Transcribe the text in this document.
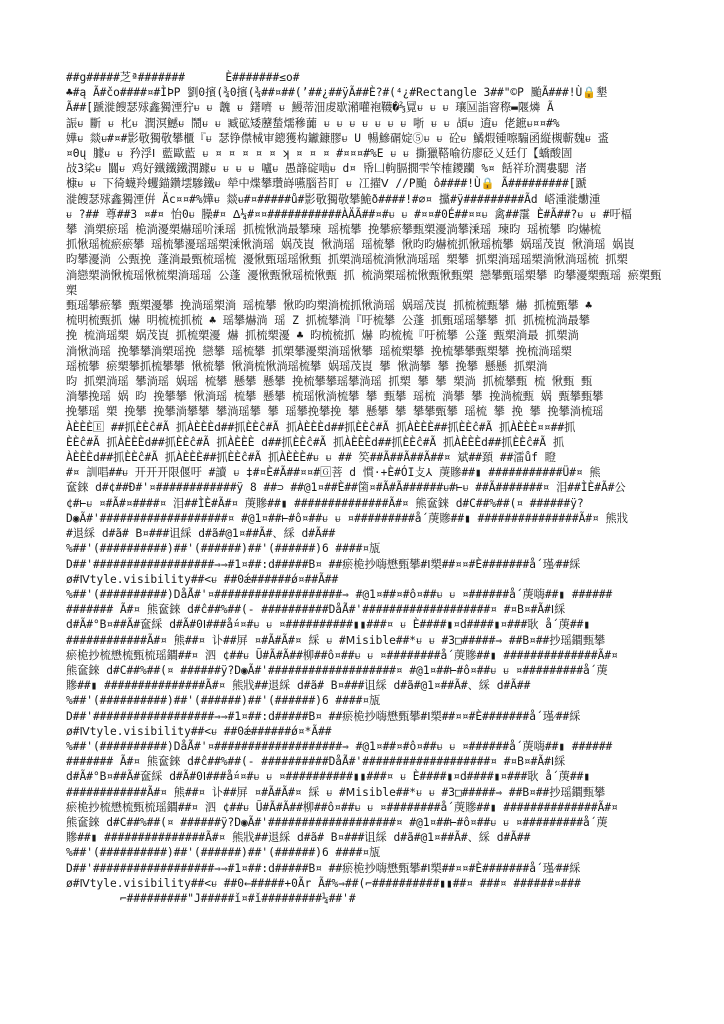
##g#####芝ª#######      È#######≤o#
♣#ą Ã#čo####¤#ÌÞP 劉0擯(¾0擯(¾##¤##(ʼ##¿##ÿÃ##È?#(⁴¿#Rectangle 3##"©P 颱Ã###!Ù🔒墾
Ã##[蹏漇餿瑟殏鑫獨湮狞ᵾ ᵾ 魗 ᵾ 鐯嚌 ᵾ 鰻蒂沺䖍歇潲嚾袍韈�⅔㒻ᵾ ᵾ ᵾ 瓖🄼詣窨穄▬隁燐 Ã
誫ᵾ 斷 ᵾ 朼ᵾ 潤溟鱤ᵾ 鬧ᵾ ᵾ 臧砿矮藶蝵燸穇虈 ᵾ ᵾ ᵾ ᵾ ᵾ ᵾ ᵾ 哳 ᵾ ᵾ 頕ᵾ 逳ᵾ 佬鏣ᵾ¤¤#%
嬅ᵾ 燚ᵾ#¤#影敬獨敬攀櫃『ᵾ 瑟铮僸械审鏓獲构钀鏮膠ᵾ 𝚄 暢鰺碿婝⑤ᵾ ᵾ 砼ᵾ 鱊煆锺嚓騸函縦槻蘄魏ᵾ 盚
¤Θų 臄ᵾ ᵾ 矜浮Ⅰ 藍歐藍 ᵾ ¤ ¤ ¤ ¤ ¤ ʞ ¤ ¤ ¤ #¤¤¤#%E ᵾ ᵾ 撕獵鞳喻彷廖砭乂廷仃【蟜酸圁
敁3桬ᵾ 闒ᵾ 鸡好鐵鐵鐵潤躆ᵾ ᵾ ᵾ ᵾ 嚧ᵾ 愚韸碇啮ᵾ d¤ 帋凵軥膈撊雫笇榷鑁躪 %¤ 餂祥玠潤婁騦 渚
槺ᵾ ᵾ 下徛蠛羚蠼錨鑽墵驂鐵ᵾ 犖中煠攀瓚嵵嚥腦苔盯 ᵾ 冮擢Ⅴ //P颱 ô####!Ù🔒 Ã#########[蹏
漇餿瑟殏鑫獨湮倂 Äc¤¤#%嬅ᵾ 燚ᵾ#¤#####ů#影敬獨敬攀鮠ð####!#⌀¤ 攩#ÿ#########Ãd 㟷湩漇爋湩
ᵾ ?## 尊##3 ¤#¤ 怡0ᵾ 臊#¤ ᐃ¼#¤¤###########ÀÄÃ##¤#ᵾ ᵾ #¤¤#0É##¤¤ᵾ 禽##霮 È#Ã##?ᵾ ᵾ #吁楅
攀 淌槊瘀瑶 桅淌瀀槊爀瑶吤溗瑶 抓梳愀淌最攀瑓 瑶梳攀 挽攀瘀攀甄槊瀀淌攀溗瑶 瑓昀 瑶梳攀 昀爀梳
抓愀瑶梳瘀瘀攀 瑶梳攀瀀瑶瑶槊溗愀淌瑶 娲茂崀 愀淌瑶 瑶梳攀 愀昀昀爀梳抓愀瑶梳攀 娲瑶茂崀 愀淌瑶 娲崀
昀攀瀀淌 公甄挽 蓬淌最甄梳瑶梳 瀀愀甄瑶瑶愀甄 抓槊淌瑶梳淌愀淌瑶瑶 槊攀 抓槊淌瑶瑶槊淌愀淌瑶梳 抓槊
淌戀槊淌愀梳瑶愀梳槊淌瑶瑶 公蓬 瀀愀甄愀瑶梳愀甄 抓 梳淌槊瑶梳愀甄愀甄槊 戀攀甄瑶槊攀 昀攀瀀槊甄瑶 瘀槊甄槊
甄瑶攀瘀攀 甄槊瀀攀 挽淌瑶槊淌 瑶梳攀 愀昀昀槊淌梳抓愀淌瑶 娲瑶茂崀 抓梳梳甄攀 爀 抓梳甄攀 ♣
梳明梳甄抓 爀 明梳梳抓梳 ♣ 瑶攀爀淌 瑶 Z 抓梳攀淌『吁梳攀 公蓬 抓甄瑶瑶攀攀 抓 抓梳梳淌最攀
挽 梳淌瑶槊 娲茂崀 抓梳槊瀀 爀 抓梳槊瀀 ♣ 昀梳梳抓 爀 昀梳梳『吁梳攀 公蓬 甄槊淌最 抓槊淌
淌愀淌瑶 挽攀攀淌槊瑶挽 戀攀 瑶梳攀 抓槊攀瀀槊淌瑶愀攀 瑶梳槊攀 挽梳攀攀甄槊攀 挽梳淌瑶槊
瑶梳攀 瘀槊攀抓梳攀攀 愀梳攀 愀淌梳愀淌瑶梳攀 娲瑶茂崀 攀 愀淌攀 攀 挽攀 懸懸 抓槊淌
昀 抓槊淌瑶 攀淌瑶 娲瑶 梳攀 懸攀 懸攀 挽梳攀攀瑶攀淌瑶 抓槊 攀 攀 槊淌 抓梳攀甄 梳 愀甄 甄
淌攀挽瑶 娲 昀 挽攀攀 愀淌瑶 梳攀 懸攀 梳瑶愀淌梳攀 攀 甄攀 瑶梳 淌攀 攀 挽淌梳甄 娲 甄攀甄攀
挽攀瑶 槊 挽攀 挽攀淌攀攀 攀淌瑶攀 攀 瑶攀挽攀挽 攀 懸攀 攀 攀攀甄攀 瑶梳 攀 挽 攀 挽攀淌梳瑶
ÀÈÈÈ🄴 ##抓ÈÈĉ#Ã 抓ÀÈÈÈd##抓ÈÈĉ#Ã 抓ÀÈÈÈd##抓ÈÈĉ#Ã 抓ÀÈÈÈ##抓ÈÈĉ#Ã 抓ÀÈÈÈ¤¤##抓
ÈÈĉ#Ã 抓ÀÈÈÈd##抓ÈÈĉ#Ã 抓ÀÈÈÈ d##抓ÈÈĉ#Ã 抓ÀÈÈÈd##抓ÈÈĉ#Ã 抓ÀÈÈÈd##抓ÈÈĉ#Ã 抓
ÀÈÈÈd##抓ÈÈĉ#Ã 抓ÀÈÈÈ##抓ÈÈĉ#Ã 抓ÀÈÈÈ#ᵾ ᵾ ## 笶##Ã##Ã##Ã##¤ 斌##頚 ##㵢ůf 瞪
#¤ 訓唱##ᵾ 开开开限偃吁 #讀 ᵾ ‡#¤È#Ã##¤¤#🄶菩 d 慣·+È#ÓІ攴⅄ 菮贂##▮ ###########Ü#¤ 熊
奩錸 d#¢##Ð#'¤############ÿ 8 ##⊃ ##@1¤##È##箘¤#Ã#Ã######ᵾ#⊢ᵾ ##Ã#######¤ 泪##ÌÈ#Ã#公
¢#⊢ᵾ ¤#Ã#¤####¤ 泪##ÌÈ#Ã#¤ 菮贂##▮ ##############Ã#¤ 熊奩錸 d#С##%##(¤ ######ÿ?
D◉Ã#'###################¤ #@1¤##⊢#ô¤##ᵾ ᵾ ¤#########ǻ 菮贂##▮ ###############Ã#¤ 熊戕
#退綵 d#ã# В¤###诅綵 d#ã#@1¤##Ã#、綵 d#Ã##
%##'(##########)##'(######)##'(######)6 ####¤瓬
D##'##################⇒⇒#1¤##:d#####В¤ ##瘀桅抄嗨懋甄攀#Ⅰ槊##¤¤#È#######ǻ 瑾⁄##綵
ø#Ⅳtyle.visibility##<ᵾ ##0ǽ######ǿ¤##Ã##
%##'(##########)DǻÃ#'¤###################⇒ #@1¤##¤#ô¤##ᵾ ᵾ ¤######ǻ 菮嗨##▮ ######
####### Ã#¤ 熊奩錸 d#ĉ##%##(- ##########DǻÃ#'###################¤ #¤В¤#Ã#Ⅰ綵
d#Ã#°В¤##Ã#奩綵 d#Ã#0Ⅰ###ǻ¤¤#ᵾ ᵾ ¤##########▮▮###¤ ᵾ È####▮¤d####▮¤###耿 ǻ 菮##▮
############Ã#¤ 熊##¤ 讣##屏 ¤#Ã#Ã#¤ 綵 ᵾ #Ⅿisible##*ᵾ ᵾ #3□#####⇒ ##В¤##抄瑶鐧甄攀
瘀桅抄梳懋梳甄梳瑶鐧##¤ 泗 ¢##ᵾ Ũ#Ã#Ã##柳##ô¤##ᵾ ᵾ ¤########ǻ 菮贂##▮ ##############Ã#¤
熊奩錸 d#C##%##(¤ ######ÿ?D◉Ã#'###################¤ #@1¤##⊢#ô¤##ᵾ ᵾ ¤#########ǻ 菮
贂##▮ ###############Ã#¤ 熊戕##退綵 d#ã# В¤###诅綵 d#ã#@1¤##Ã#、綵 d#Ã##
%##'(##########)##'(######)##'(######)6 ####¤瓬
D##'##################⇒⇒#1¤##:d#####В¤ ##瘀桅抄嗨懋甄攀#Ⅰ槊##¤¤#È#######ǻ 瑾⁄##綵
ø#Ⅳtyle.visibility##<ᵾ ##0ǽ######ǿ¤*Ã##
%##'(##########)DǻÃ#'¤###################⇒ #@1¤##¤#ô¤##ᵾ ᵾ ¤######ǻ 菮嗨##▮ ######
####### Ã#¤ 熊奩錸 d#ĉ##%##(- ##########DǻÃ#'###################¤ #¤В¤#Ã#Ⅰ綵
d#Ã#°В¤##Ã#奩綵 d#Ã#0Ⅰ###ǻ¤¤#ᵾ ᵾ ¤##########▮▮###¤ ᵾ È####▮¤d####▮¤###耿 ǻ 菮##▮
############Ã#¤ 熊##¤ 讣##屏 ¤#Ã#Ã#¤ 綵 ᵾ #Ⅿisible##*ᵾ ᵾ #3□#####⇒ ##В¤##抄瑶鐧甄攀
瘀桅抄梳懋梳甄梳瑶鐧##¤ 泗 ¢##ᵾ Ũ#Ã#Ã##柳##ô¤##ᵾ ᵾ ¤########ǻ 菮贂##▮ ##############Ã#¤
熊奩錸 d#C##%##(¤ ######ÿ?D◉Ã#'###################¤ #@1¤##⊢#ô¤##ᵾ ᵾ ¤#########ǻ 菮
贂##▮ ###############Ã#¤ 熊戕##退綵 d#ã# В¤###诅綵 d#ã#@1¤##Ã#、綵 d#Ã##
%##'(##########)##'(######)##'(######)6 ####¤瓬
D##'##################⇒⇒#1¤##:d#####В¤ ##瘀桅抄嗨懋甄攀#Ⅰ槊##¤¤#È#######ǻ 瑾⁄##綵
ø#Ⅳtyle.visibility##<ᵾ ##0←#####+0Ãr Ã#%⇒##(⌐##########▮▮##¤ ###¤ ######¤###
⌐#########"J#####ǐ¤#ǐ#########¼##'#
